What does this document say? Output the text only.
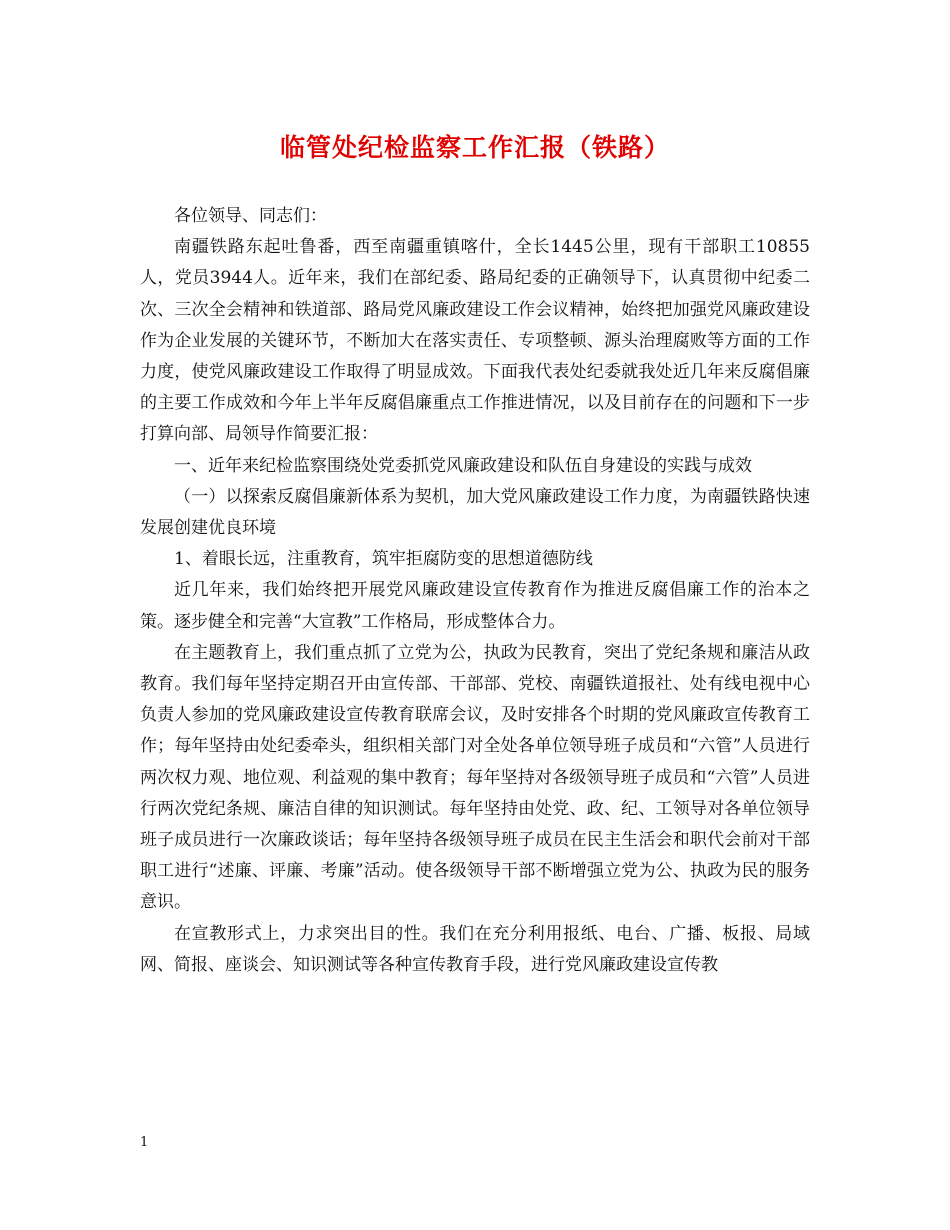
临管处纪检监察工作汇报（铁路）

各位领导、同志们：

南疆铁路东起吐鲁番，西至南疆重镇喀什，全长1445公里，现有干部职工10855人，党员3944人。近年来，我们在部纪委、路局纪委的正确领导下，认真贯彻中纪委二次、三次全会精神和铁道部、路局党风廉政建设工作会议精神，始终把加强党风廉政建设作为企业发展的关键环节，不断加大在落实责任、专项整顿、源头治理腐败等方面的工作力度，使党风廉政建设工作取得了明显成效。下面我代表处纪委就我处近几年来反腐倡廉的主要工作成效和今年上半年反腐倡廉重点工作推进情况，以及目前存在的问题和下一步打算向部、局领导作简要汇报：

一、近年来纪检监察围绕处党委抓党风廉政建设和队伍自身建设的实践与成效

（一）以探索反腐倡廉新体系为契机，加大党风廉政建设工作力度，为南疆铁路快速发展创建优良环境

1、着眼长远，注重教育，筑牢拒腐防变的思想道德防线

近几年来，我们始终把开展党风廉政建设宣传教育作为推进反腐倡廉工作的治本之策。逐步健全和完善“大宣教”工作格局，形成整体合力。

在主题教育上，我们重点抓了立党为公，执政为民教育，突出了党纪条规和廉洁从政教育。我们每年坚持定期召开由宣传部、干部部、党校、南疆铁道报社、处有线电视中心负责人参加的党风廉政建设宣传教育联席会议，及时安排各个时期的党风廉政宣传教育工作；每年坚持由处纪委牵头，组织相关部门对全处各单位领导班子成员和“六管”人员进行两次权力观、地位观、利益观的集中教育；每年坚持对各级领导班子成员和“六管”人员进行两次党纪条规、廉洁自律的知识测试。每年坚持由处党、政、纪、工领导对各单位领导班子成员进行一次廉政谈话；每年坚持各级领导班子成员在民主生活会和职代会前对干部职工进行“述廉、评廉、考廉”活动。使各级领导干部不断增强立党为公、执政为民的服务意识。

在宣教形式上，力求突出目的性。我们在充分利用报纸、电台、广播、板报、局域网、简报、座谈会、知识测试等各种宣传教育手段，进行党风廉政建设宣传教

1
